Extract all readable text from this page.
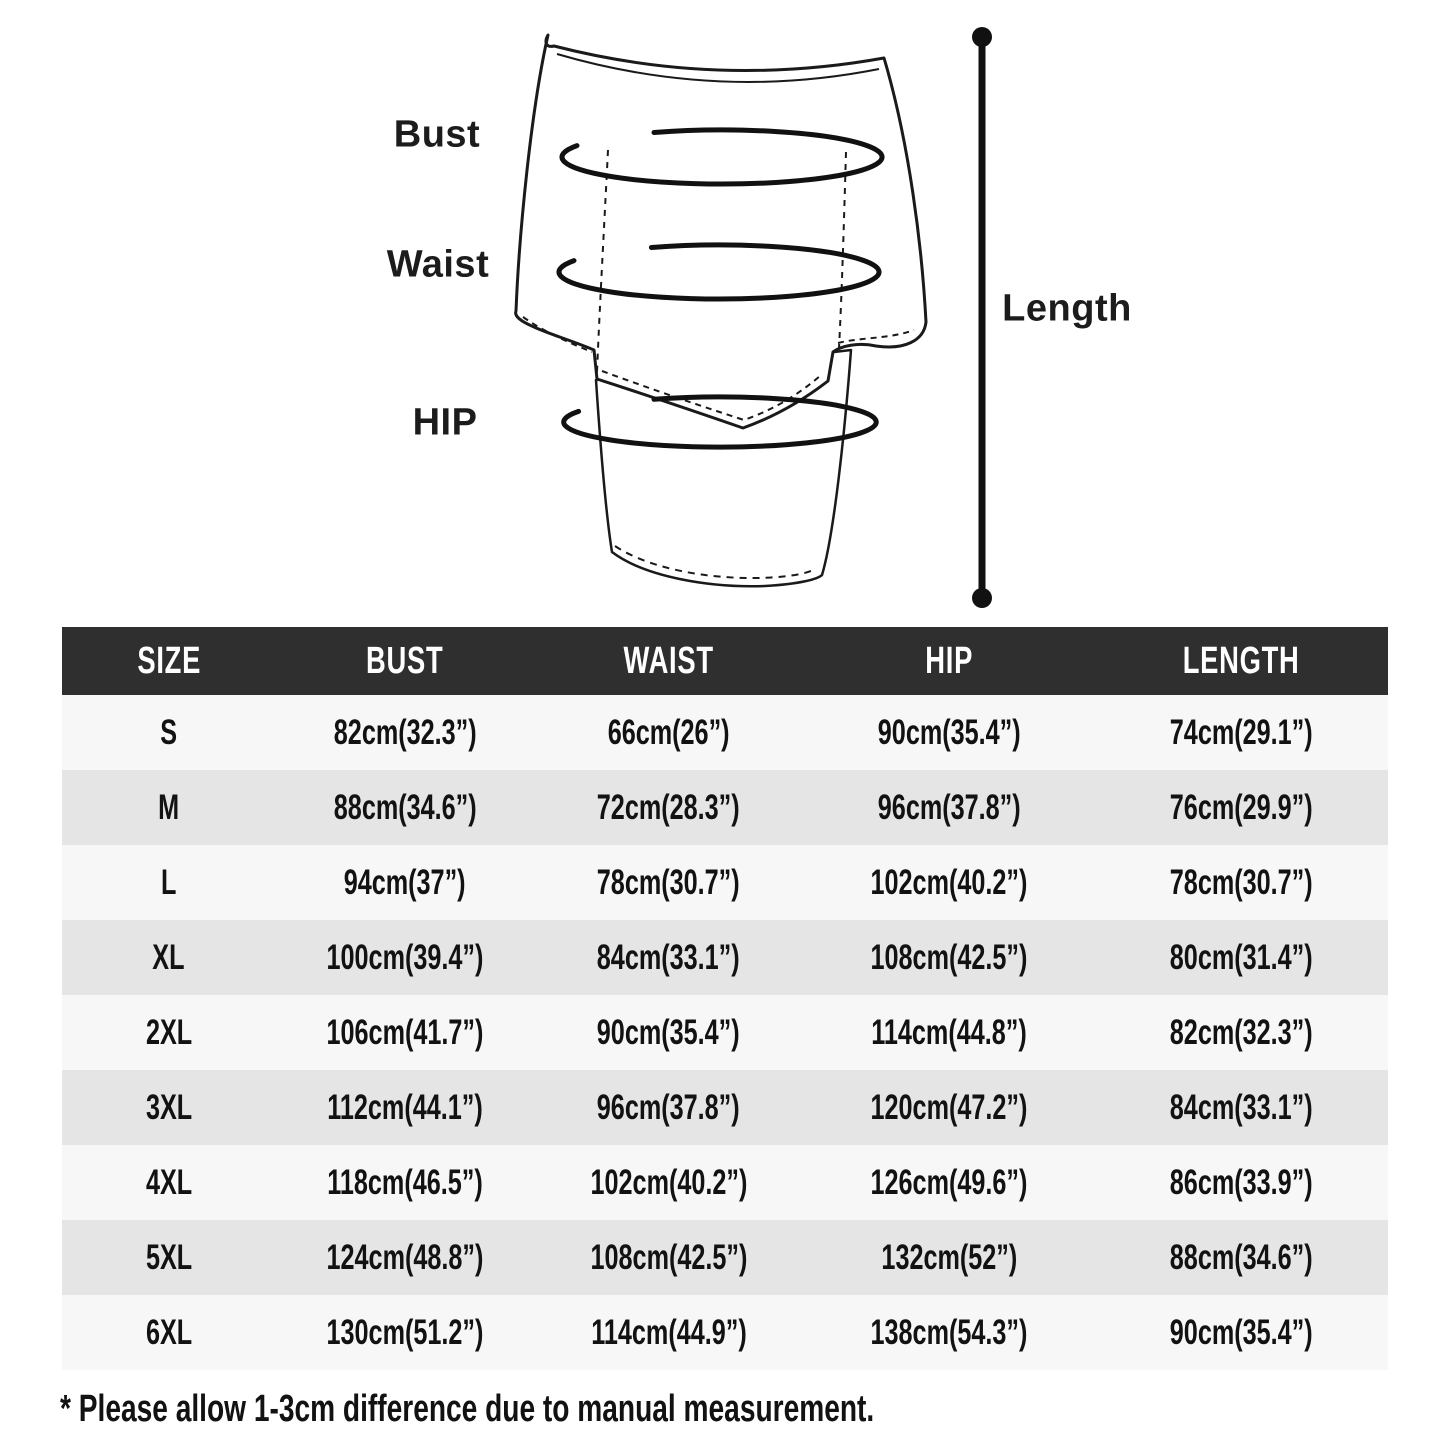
Bust
Waist
HIP
Length
SIZE	BUST	WAIST	HIP	LENGTH
S	82cm(32.3”)	66cm(26”)	90cm(35.4”)	74cm(29.1”)
M	88cm(34.6”)	72cm(28.3”)	96cm(37.8”)	76cm(29.9”)
L	94cm(37”)	78cm(30.7”)	102cm(40.2”)	78cm(30.7”)
XL	100cm(39.4”)	84cm(33.1”)	108cm(42.5”)	80cm(31.4”)
2XL	106cm(41.7”)	90cm(35.4”)	114cm(44.8”)	82cm(32.3”)
3XL	112cm(44.1”)	96cm(37.8”)	120cm(47.2”)	84cm(33.1”)
4XL	118cm(46.5”)	102cm(40.2”)	126cm(49.6”)	86cm(33.9”)
5XL	124cm(48.8”)	108cm(42.5”)	132cm(52”)	88cm(34.6”)
6XL	130cm(51.2”)	114cm(44.9”)	138cm(54.3”)	90cm(35.4”)
* Please allow 1-3cm difference due to manual measurement.
